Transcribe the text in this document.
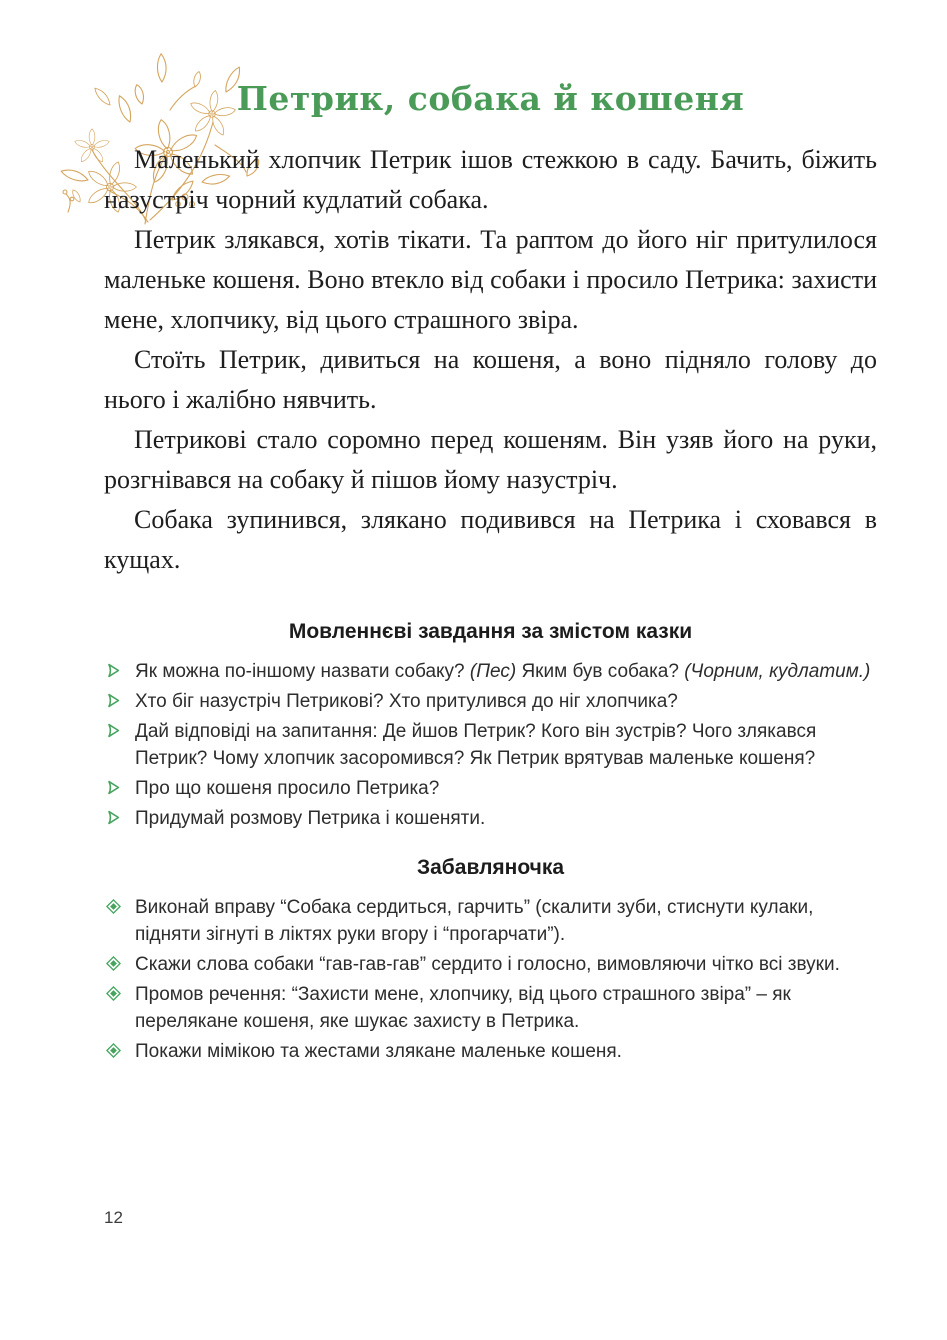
Петрик, собака й кошеня

Маленький хлопчик Петрик ішов стежкою в саду. Бачить, біжить назустріч чорний кудлатий собака.

Петрик злякався, хотів тікати. Та раптом до його ніг притулилося маленьке кошеня. Воно втекло від собаки і просило Петрика: захисти мене, хлопчику, від цього страшного звіра.

Стоїть Петрик, дивиться на кошеня, а воно підняло голову до нього і жалібно нявчить.

Петрикові стало соромно перед кошеням. Він узяв його на руки, розгнівався на собаку й пішов йому назустріч.

Собака зупинився, злякано подивився на Петрика і сховався в кущах.

Мовленнєві завдання за змістом казки
Як можна по-іншому назвати собаку? (Пес) Яким був собака? (Чорним, кудлатим.)
Хто біг назустріч Петрикові? Хто притулився до ніг хлопчика?
Дай відповіді на запитання: Де йшов Петрик? Кого він зустрів? Чого злякався Петрик? Чому хлопчик засоромився? Як Петрик врятував маленьке кошеня?
Про що кошеня просило Петрика?
Придумай розмову Петрика і кошеняти.
Забавляночка
Виконай вправу “Собака сердиться, гарчить” (скалити зуби, стиснути кулаки, підняти зігнуті в ліктях руки вгору і “прогарчати”).
Скажи слова собаки “гав-гав-гав” сердито і голосно, вимовляючи чітко всі звуки.
Промов речення: “Захисти мене, хлопчику, від цього страшного звіра” – як перелякане кошеня, яке шукає захисту в Петрика.
Покажи мімікою та жестами злякане маленьке кошеня.
12
